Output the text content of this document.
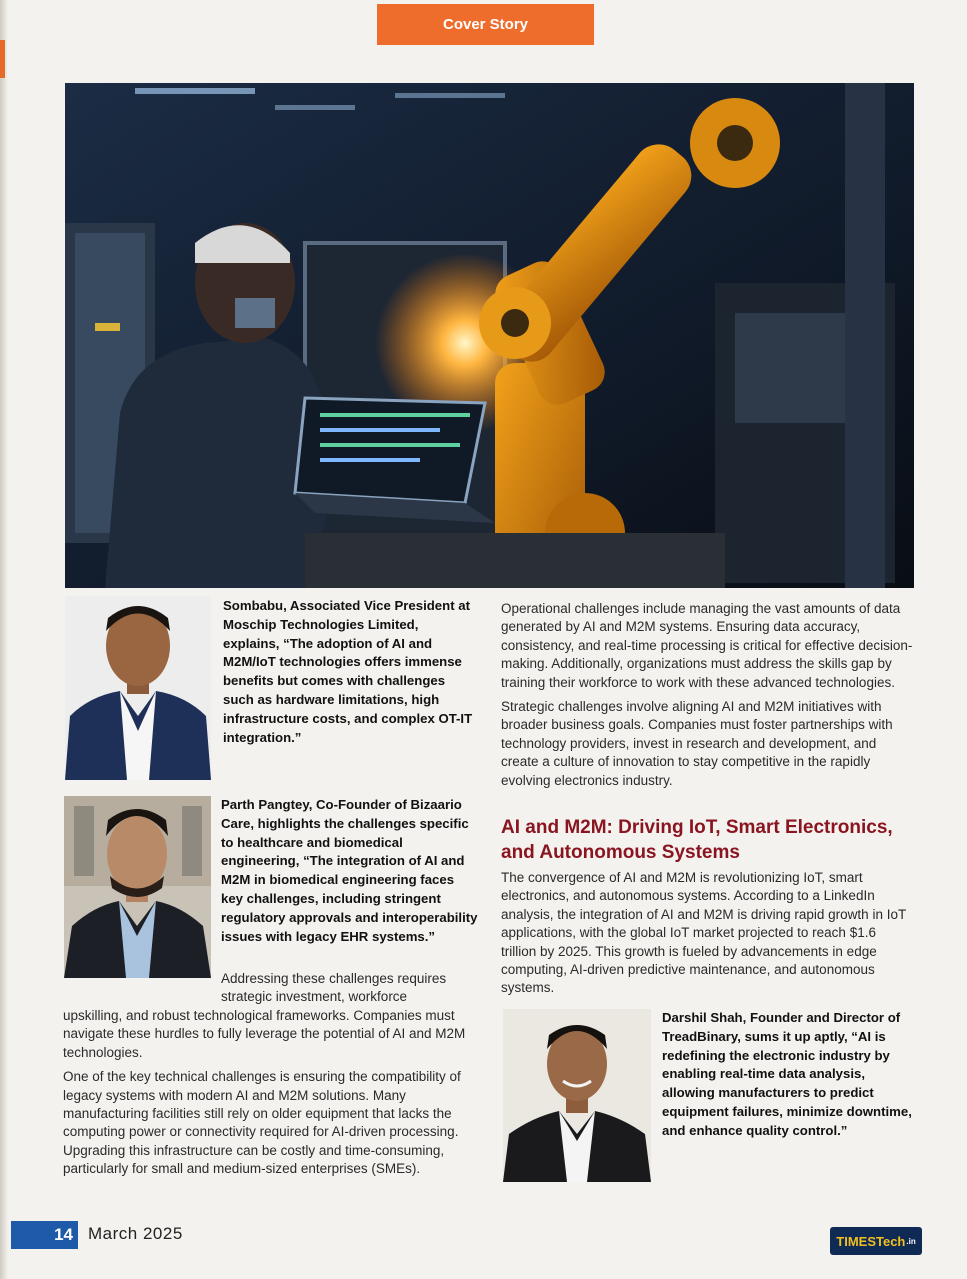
Cover Story
Sombabu, Associated Vice President at Moschip Technologies Limited, explains, “The adoption of AI and M2M/IoT technologies offers immense benefits but comes with challenges such as hardware limitations, high infrastructure costs, and complex OT-IT integration.”
Parth Pangtey, Co-Founder of Bizaario Care, highlights the challenges specific to healthcare and biomedical engineering, “The integration of AI and M2M in biomedical engineering faces key challenges, including stringent regulatory approvals and interoperability issues with legacy EHR systems.”
Addressing these challenges requires strategic investment, workforce

upskilling, and robust technological frameworks. Companies must navigate these hurdles to fully leverage the potential of AI and M2M technologies.

One of the key technical challenges is ensuring the compatibility of legacy systems with modern AI and M2M solutions. Many manufacturing facilities still rely on older equipment that lacks the computing power or connectivity required for AI-driven processing. Upgrading this infrastructure can be costly and time-consuming, particularly for small and medium-sized enterprises (SMEs).

Operational challenges include managing the vast amounts of data generated by AI and M2M systems. Ensuring data accuracy, consistency, and real-time processing is critical for effective decision-making. Additionally, organizations must address the skills gap by training their workforce to work with these advanced technologies.

Strategic challenges involve aligning AI and M2M initiatives with broader business goals. Companies must foster partnerships with technology providers, invest in research and development, and create a culture of innovation to stay competitive in the rapidly evolving electronics industry.

AI and M2M: Driving IoT, Smart Electronics, and Autonomous Systems
The convergence of AI and M2M is revolutionizing IoT, smart electronics, and autonomous systems. According to a LinkedIn analysis, the integration of AI and M2M is driving rapid growth in IoT applications, with the global IoT market projected to reach $1.6 trillion by 2025. This growth is fueled by advancements in edge computing, AI-driven predictive maintenance, and autonomous systems.
Darshil Shah, Founder and Director of TreadBinary, sums it up aptly, “AI is redefining the electronic industry by enabling real-time data analysis, allowing manufacturers to predict equipment failures, minimize downtime, and enhance quality control.”
14 March 2025	TIMESTech .in
